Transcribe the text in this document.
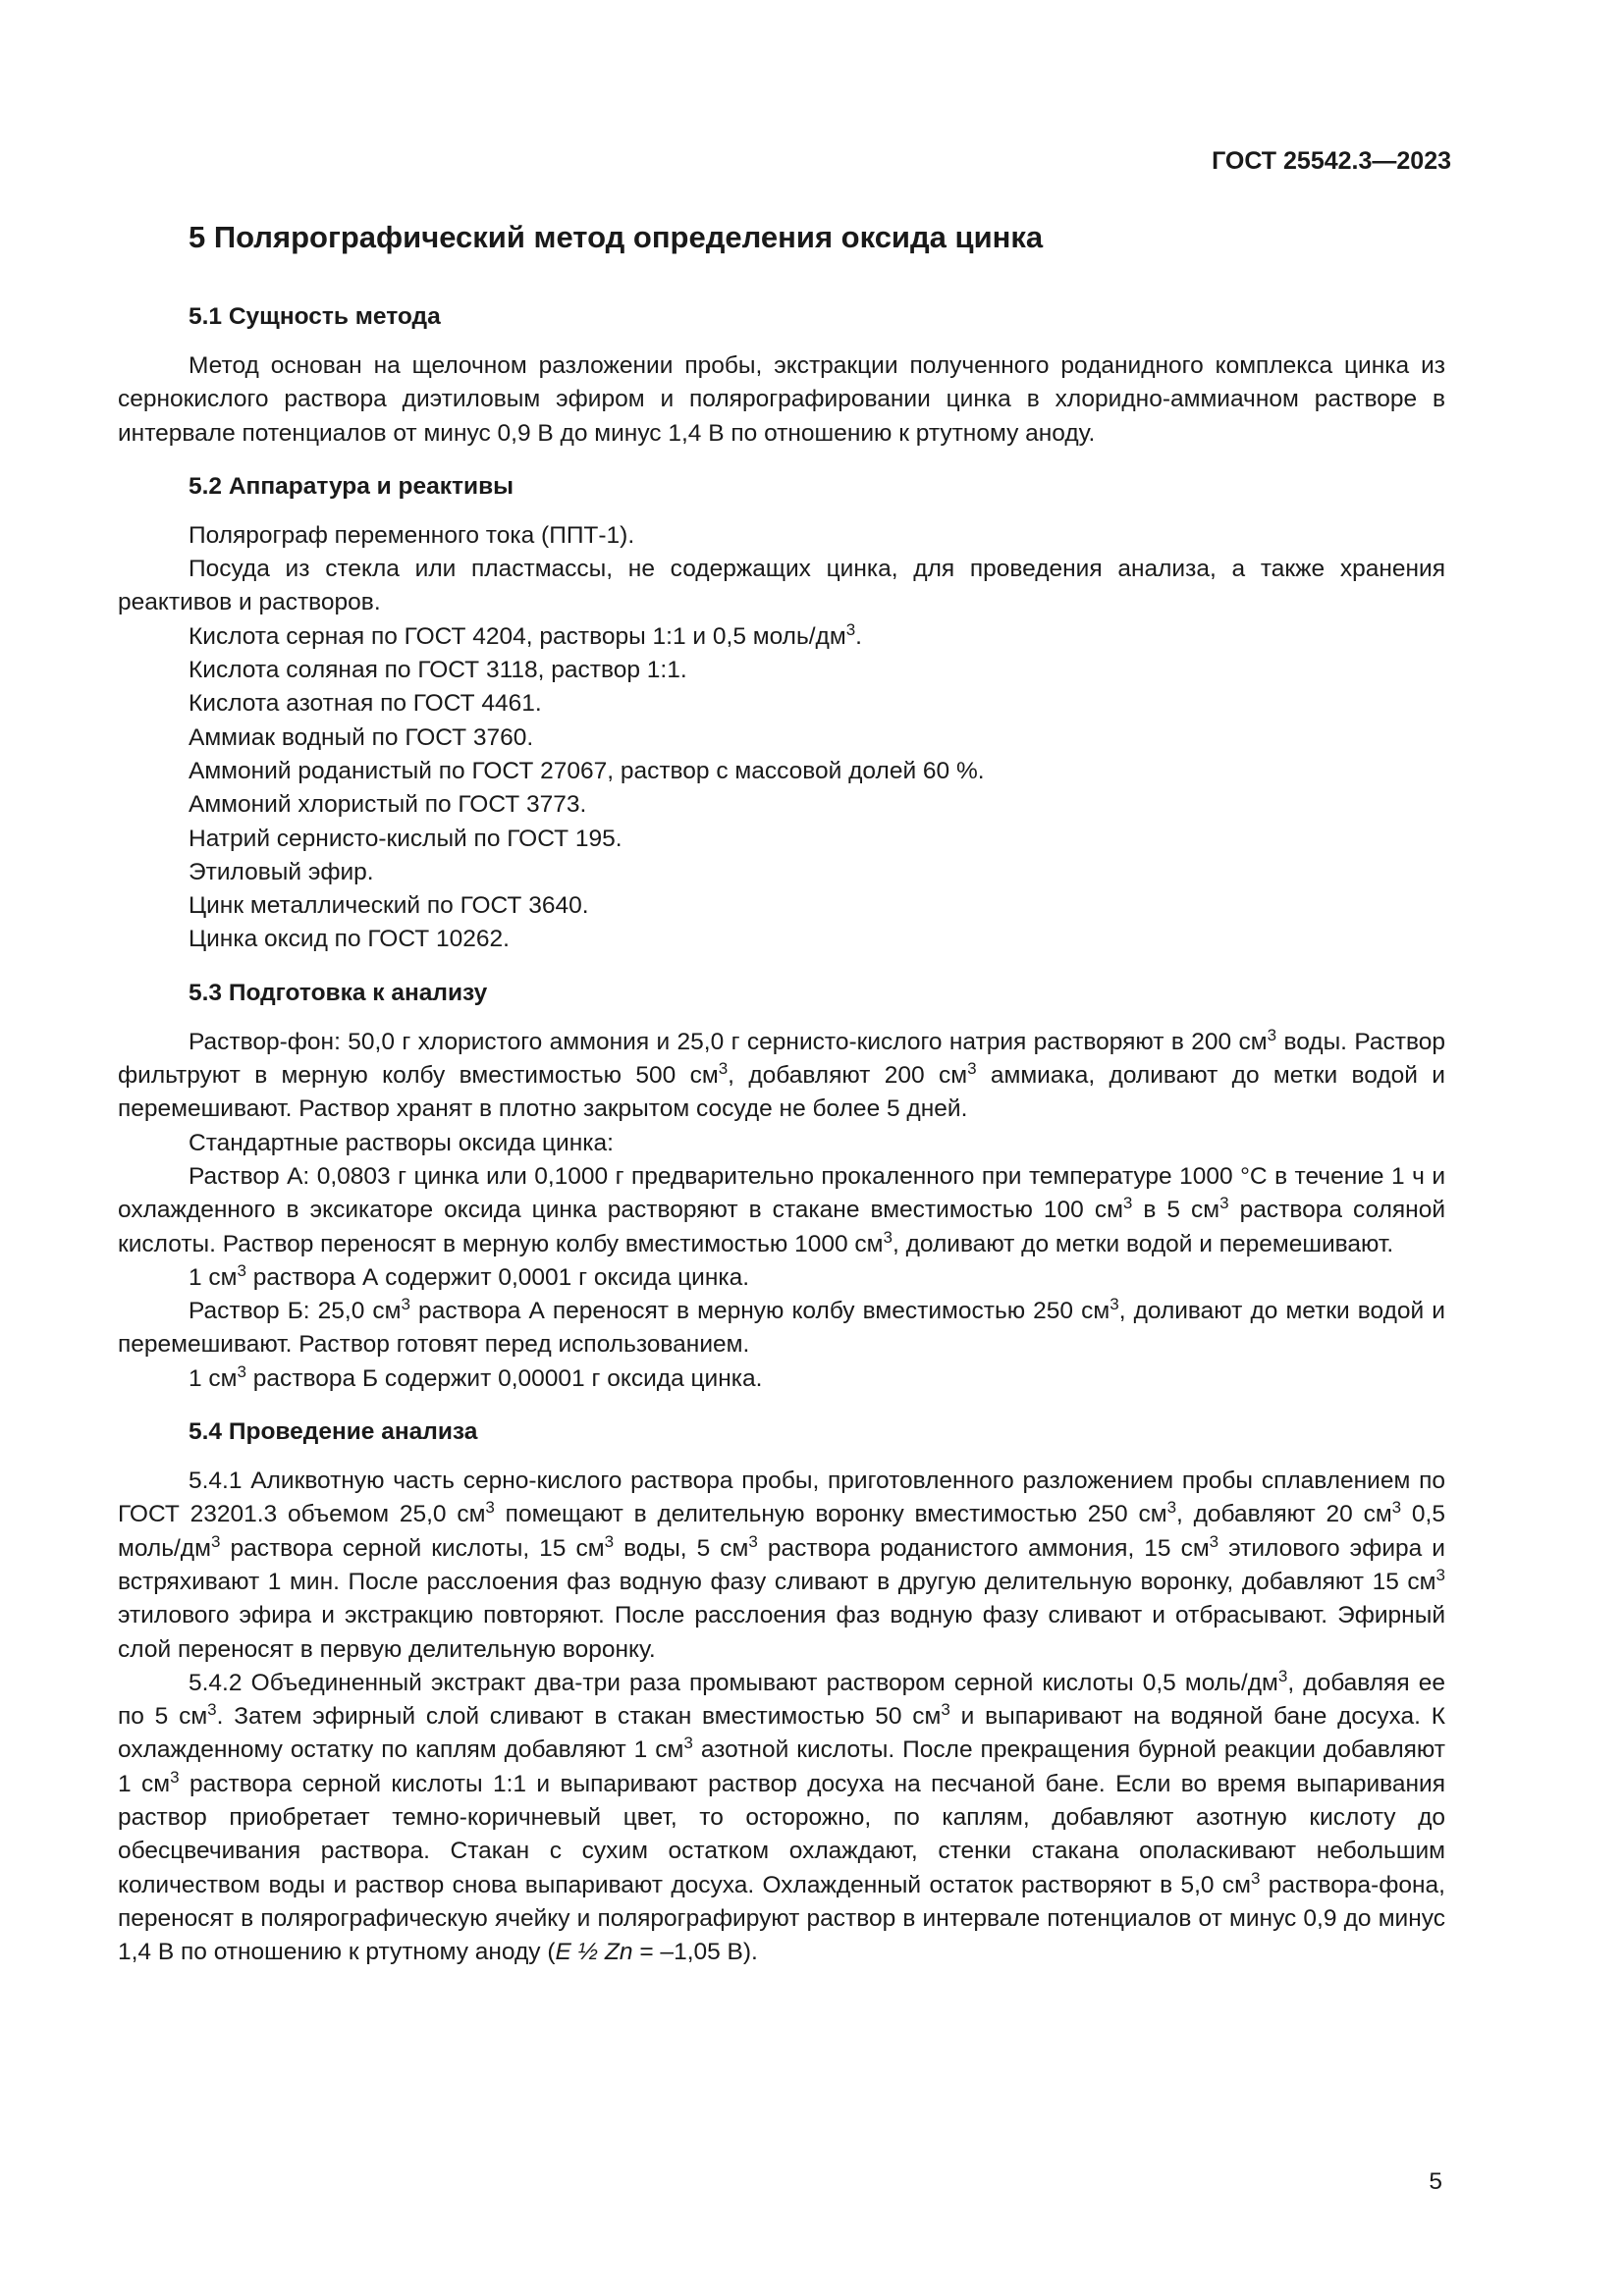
ГОСТ 25542.3—2023
5 Полярографический метод определения оксида цинка
5.1 Сущность метода

Метод основан на щелочном разложении пробы, экстракции полученного роданидного комплекса цинка из сернокислого раствора диэтиловым эфиром и полярографировании цинка в хлоридно-аммиачном растворе в интервале потенциалов от минус 0,9 В до минус 1,4 В по отношению к ртутному аноду.

5.2 Аппаратура и реактивы

Полярограф переменного тока (ППТ-1).

Посуда из стекла или пластмассы, не содержащих цинка, для проведения анализа, а также хранения реактивов и растворов.

Кислота серная по ГОСТ 4204, растворы 1:1 и 0,5 моль/$дм^3$.

Кислота соляная по ГОСТ 3118, раствор 1:1.

Кислота азотная по ГОСТ 4461.

Аммиак водный по ГОСТ 3760.

Аммоний роданистый по ГОСТ 27067, раствор с массовой долей 60 %.

Аммоний хлористый по ГОСТ 3773.

Натрий сернисто-кислый по ГОСТ 195.

Этиловый эфир.

Цинк металлический по ГОСТ 3640.

Цинка оксид по ГОСТ 10262.

5.3 Подготовка к анализу

Раствор-фон: 50,0 г хлористого аммония и 25,0 г сернисто-кислого натрия растворяют в 200 $см^3$ воды. Раствор фильтруют в мерную колбу вместимостью 500 $см^3$, добавляют 200 $см^3$ аммиака, доливают до метки водой и перемешивают. Раствор хранят в плотно закрытом сосуде не более 5 дней.

Стандартные растворы оксида цинка:

Раствор А: 0,0803 г цинка или 0,1000 г предварительно прокаленного при температуре 1000 °С в течение 1 ч и охлажденного в эксикаторе оксида цинка растворяют в стакане вместимостью 100 $см^3$ в 5 $см^3$ раствора соляной кислоты. Раствор переносят в мерную колбу вместимостью 1000 $см^3$, доливают до метки водой и перемешивают.

1 $см^3$ раствора А содержит 0,0001 г оксида цинка.

Раствор Б: 25,0 $см^3$ раствора А переносят в мерную колбу вместимостью 250 $см^3$, доливают до метки водой и перемешивают. Раствор готовят перед использованием.

1 $см^3$ раствора Б содержит 0,00001 г оксида цинка.

5.4 Проведение анализа

5.4.1 Аликвотную часть серно-кислого раствора пробы, приготовленного разложением пробы сплавлением по ГОСТ 23201.3 объемом 25,0 $см^3$ помещают в делительную воронку вместимостью 250 $см^3$, добавляют 20 $см^3$ 0,5 моль/$дм^3$ раствора серной кислоты, 15 $см^3$ воды, 5 $см^3$ раствора роданистого аммония, 15 $см^3$ этилового эфира и встряхивают 1 мин. После расслоения фаз водную фазу сливают в другую делительную воронку, добавляют 15 $см^3$ этилового эфира и экстракцию повторяют. После расслоения фаз водную фазу сливают и отбрасывают. Эфирный слой переносят в первую делительную воронку.

5.4.2 Объединенный экстракт два-три раза промывают раствором серной кислоты 0,5 моль/$дм^3$, добавляя ее по 5 $см^3$. Затем эфирный слой сливают в стакан вместимостью 50 $см^3$ и выпаривают на водяной бане досуха. К охлажденному остатку по каплям добавляют 1 $см^3$ азотной кислоты. После прекращения бурной реакции добавляют 1 $см^3$ раствора серной кислоты 1:1 и выпаривают раствор досуха на песчаной бане. Если во время выпаривания раствор приобретает темно-коричневый цвет, то осторожно, по каплям, добавляют азотную кислоту до обесцвечивания раствора. Стакан с сухим остатком охлаждают, стенки стакана ополаскивают небольшим количеством воды и раствор снова выпаривают досуха. Охлажденный остаток растворяют в 5,0 $см^3$ раствора-фона, переносят в полярографическую ячейку и полярографируют раствор в интервале потенциалов от минус 0,9 до минус 1,4 В по отношению к ртутному аноду (E ½ Zn = –1,05 В).

5
